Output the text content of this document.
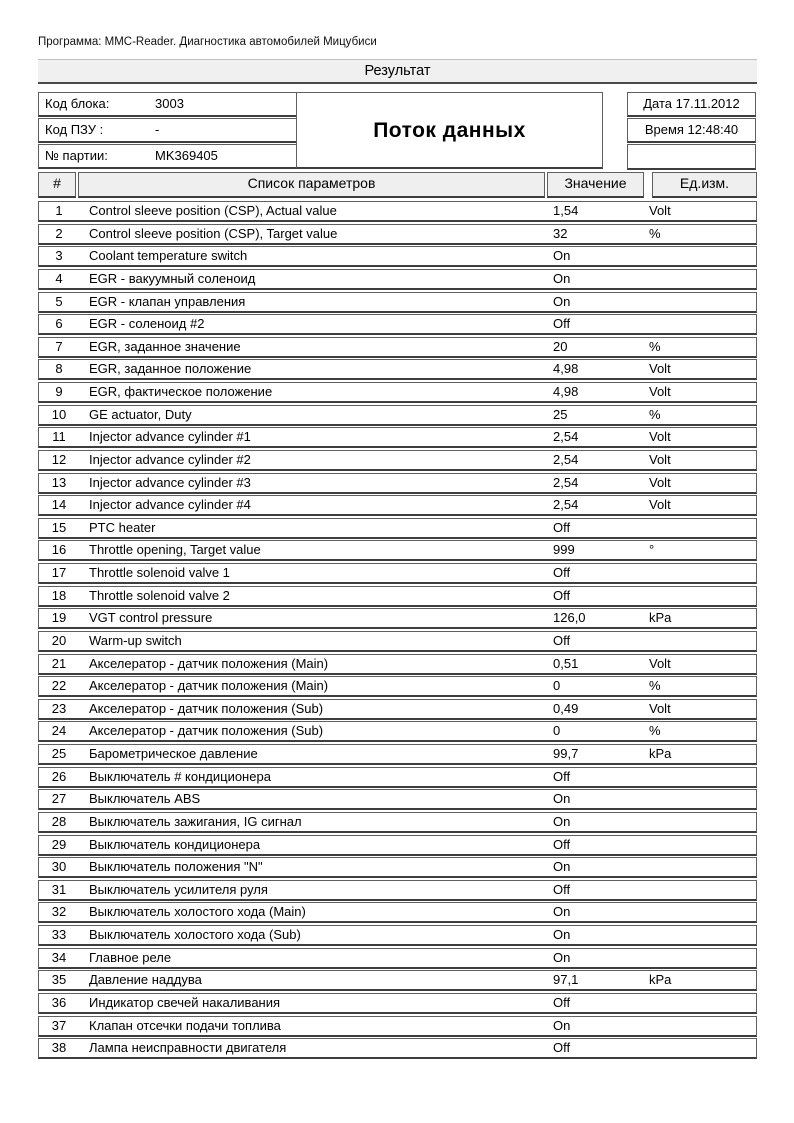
Программа: MMC-Reader. Диагностика автомобилей Мицубиси
Результат
Код блока:	3003
Код ПЗУ :	-
№ партии:	MK369405
Поток данных
Дата 17.11.2012
Время 12:48:40
#	Список параметров	Значение	Ед.изм.
1	Control sleeve position (CSP), Actual value	1,54	Volt
2	Control sleeve position (CSP), Target value	32	%
3	Coolant temperature switch	On
4	EGR - вакуумный соленоид	On
5	EGR - клапан управления	On
6	EGR - соленоид #2	Off
7	EGR, заданное значение	20	%
8	EGR, заданное положение	4,98	Volt
9	EGR, фактическое положение	4,98	Volt
10	GE actuator, Duty	25	%
11	Injector advance cylinder #1	2,54	Volt
12	Injector advance cylinder #2	2,54	Volt
13	Injector advance cylinder #3	2,54	Volt
14	Injector advance cylinder #4	2,54	Volt
15	PTC heater	Off
16	Throttle opening, Target value	999	°
17	Throttle solenoid valve 1	Off
18	Throttle solenoid valve 2	Off
19	VGT control pressure	126,0	kPa
20	Warm-up switch	Off
21	Акселератор - датчик положения (Main)	0,51	Volt
22	Акселератор - датчик положения (Main)	0	%
23	Акселератор - датчик положения (Sub)	0,49	Volt
24	Акселератор - датчик положения (Sub)	0	%
25	Барометрическое давление	99,7	kPa
26	Выключатель # кондиционера	Off
27	Выключатель ABS	On
28	Выключатель зажигания, IG сигнал	On
29	Выключатель кондиционера	Off
30	Выключатель положения "N"	On
31	Выключатель усилителя руля	Off
32	Выключатель холостого хода (Main)	On
33	Выключатель холостого хода (Sub)	On
34	Главное реле	On
35	Давление наддува	97,1	kPa
36	Индикатор свечей накаливания	Off
37	Клапан отсечки подачи топлива	On
38	Лампа неисправности двигателя	Off
